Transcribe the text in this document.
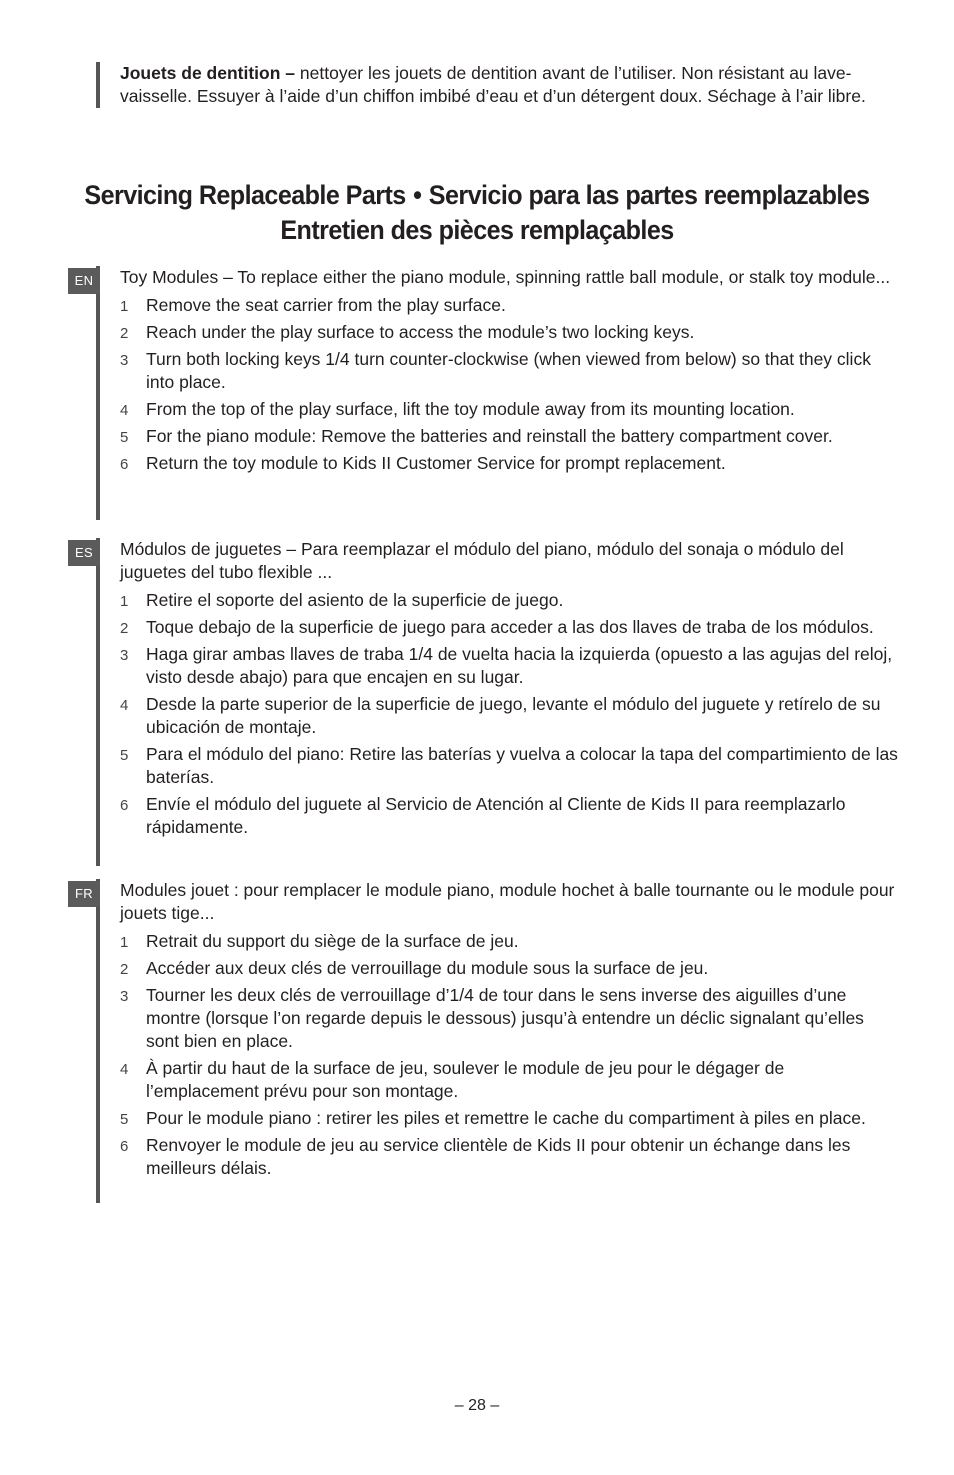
Jouets de dentition – nettoyer les jouets de dentition avant de l’utiliser. Non résistant au lave-vaisselle. Essuyer à l’aide d’un chiffon imbibé d’eau et d’un détergent doux. Séchage à l’air libre.
Servicing Replaceable Parts • Servicio para las partes reemplazables
Entretien des pièces remplaçables
EN	Toy Modules – To replace either the piano module, spinning rattle ball module, or stalk toy module...

1 Remove the seat carrier from the play surface.
2 Reach under the play surface to access the module’s two locking keys.
3 Turn both locking keys 1/4 turn counter-clockwise (when viewed from below) so that they click into place.
4 From the top of the play surface, lift the toy module away from its mounting location.
5 For the piano module: Remove the batteries and reinstall the battery compartment cover.
6 Return the toy module to Kids II Customer Service for prompt replacement.
ES	Módulos de juguetes – Para reemplazar el módulo del piano, módulo del sonaja o módulo del juguetes del tubo flexible ...

1 Retire el soporte del asiento de la superficie de juego.
2 Toque debajo de la superficie de juego para acceder a las dos llaves de traba de los módulos.
3 Haga girar ambas llaves de traba 1/4 de vuelta hacia la izquierda (opuesto a las agujas del reloj, visto desde abajo) para que encajen en su lugar.
4 Desde la parte superior de la superficie de juego, levante el módulo del juguete y retírelo de su ubicación de montaje.
5 Para el módulo del piano: Retire las baterías y vuelva a colocar la tapa del compartimiento de las baterías.
6 Envíe el módulo del juguete al Servicio de Atención al Cliente de Kids II para reemplazarlo rápidamente.
FR	Modules jouet : pour remplacer le module piano, module hochet à balle tournante ou le module pour jouets tige...

1 Retrait du support du siège de la surface de jeu.
2 Accéder aux deux clés de verrouillage du module sous la surface de jeu.
3 Tourner les deux clés de verrouillage d’1/4 de tour dans le sens inverse des aiguilles d’une montre (lorsque l’on regarde depuis le dessous) jusqu’à entendre un déclic signalant qu’elles sont bien en place.
4 À partir du haut de la surface de jeu, soulever le module de jeu pour le dégager de l’emplacement prévu pour son montage.
5 Pour le module piano : retirer les piles et remettre le cache du compartiment à piles en place.
6 Renvoyer le module de jeu au service clientèle de Kids II pour obtenir un échange dans les meilleurs délais.
– 28 –
